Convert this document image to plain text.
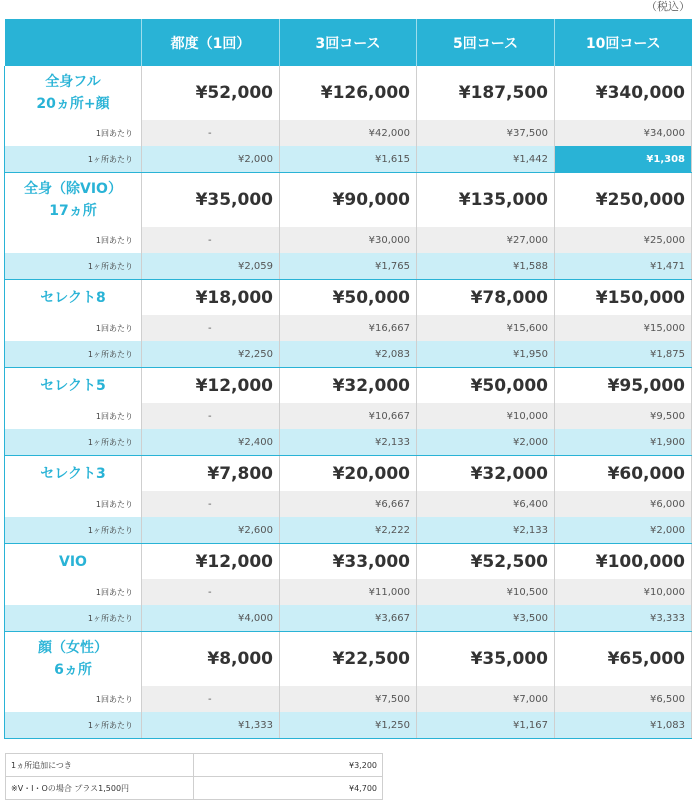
（税込）
	都度（1回）	3回コース	5回コース	10回コース

全身フル
20ヵ所+顔	¥52,000	¥126,000	¥187,500	¥340,000
1回あたり	-	¥42,000	¥37,500	¥34,000
1ヶ所あたり	¥2,000	¥1,615	¥1,442	¥1,308

全身（除VIO）
17ヵ所	¥35,000	¥90,000	¥135,000	¥250,000
1回あたり	-	¥30,000	¥27,000	¥25,000
1ヶ所あたり	¥2,059	¥1,765	¥1,588	¥1,471

セレクト8	¥18,000	¥50,000	¥78,000	¥150,000
1回あたり	-	¥16,667	¥15,600	¥15,000
1ヶ所あたり	¥2,250	¥2,083	¥1,950	¥1,875

セレクト5	¥12,000	¥32,000	¥50,000	¥95,000
1回あたり	-	¥10,667	¥10,000	¥9,500
1ヶ所あたり	¥2,400	¥2,133	¥2,000	¥1,900

セレクト3	¥7,800	¥20,000	¥32,000	¥60,000
1回あたり	-	¥6,667	¥6,400	¥6,000
1ヶ所あたり	¥2,600	¥2,222	¥2,133	¥2,000

VIO	¥12,000	¥33,000	¥52,500	¥100,000
1回あたり	-	¥11,000	¥10,500	¥10,000
1ヶ所あたり	¥4,000	¥3,667	¥3,500	¥3,333

顔（女性）
6ヵ所	¥8,000	¥22,500	¥35,000	¥65,000
1回あたり	-	¥7,500	¥7,000	¥6,500
1ヶ所あたり	¥1,333	¥1,250	¥1,167	¥1,083
1ヵ所追加につき	¥3,200
※V・I・Oの場合 プラス1,500円	¥4,700
